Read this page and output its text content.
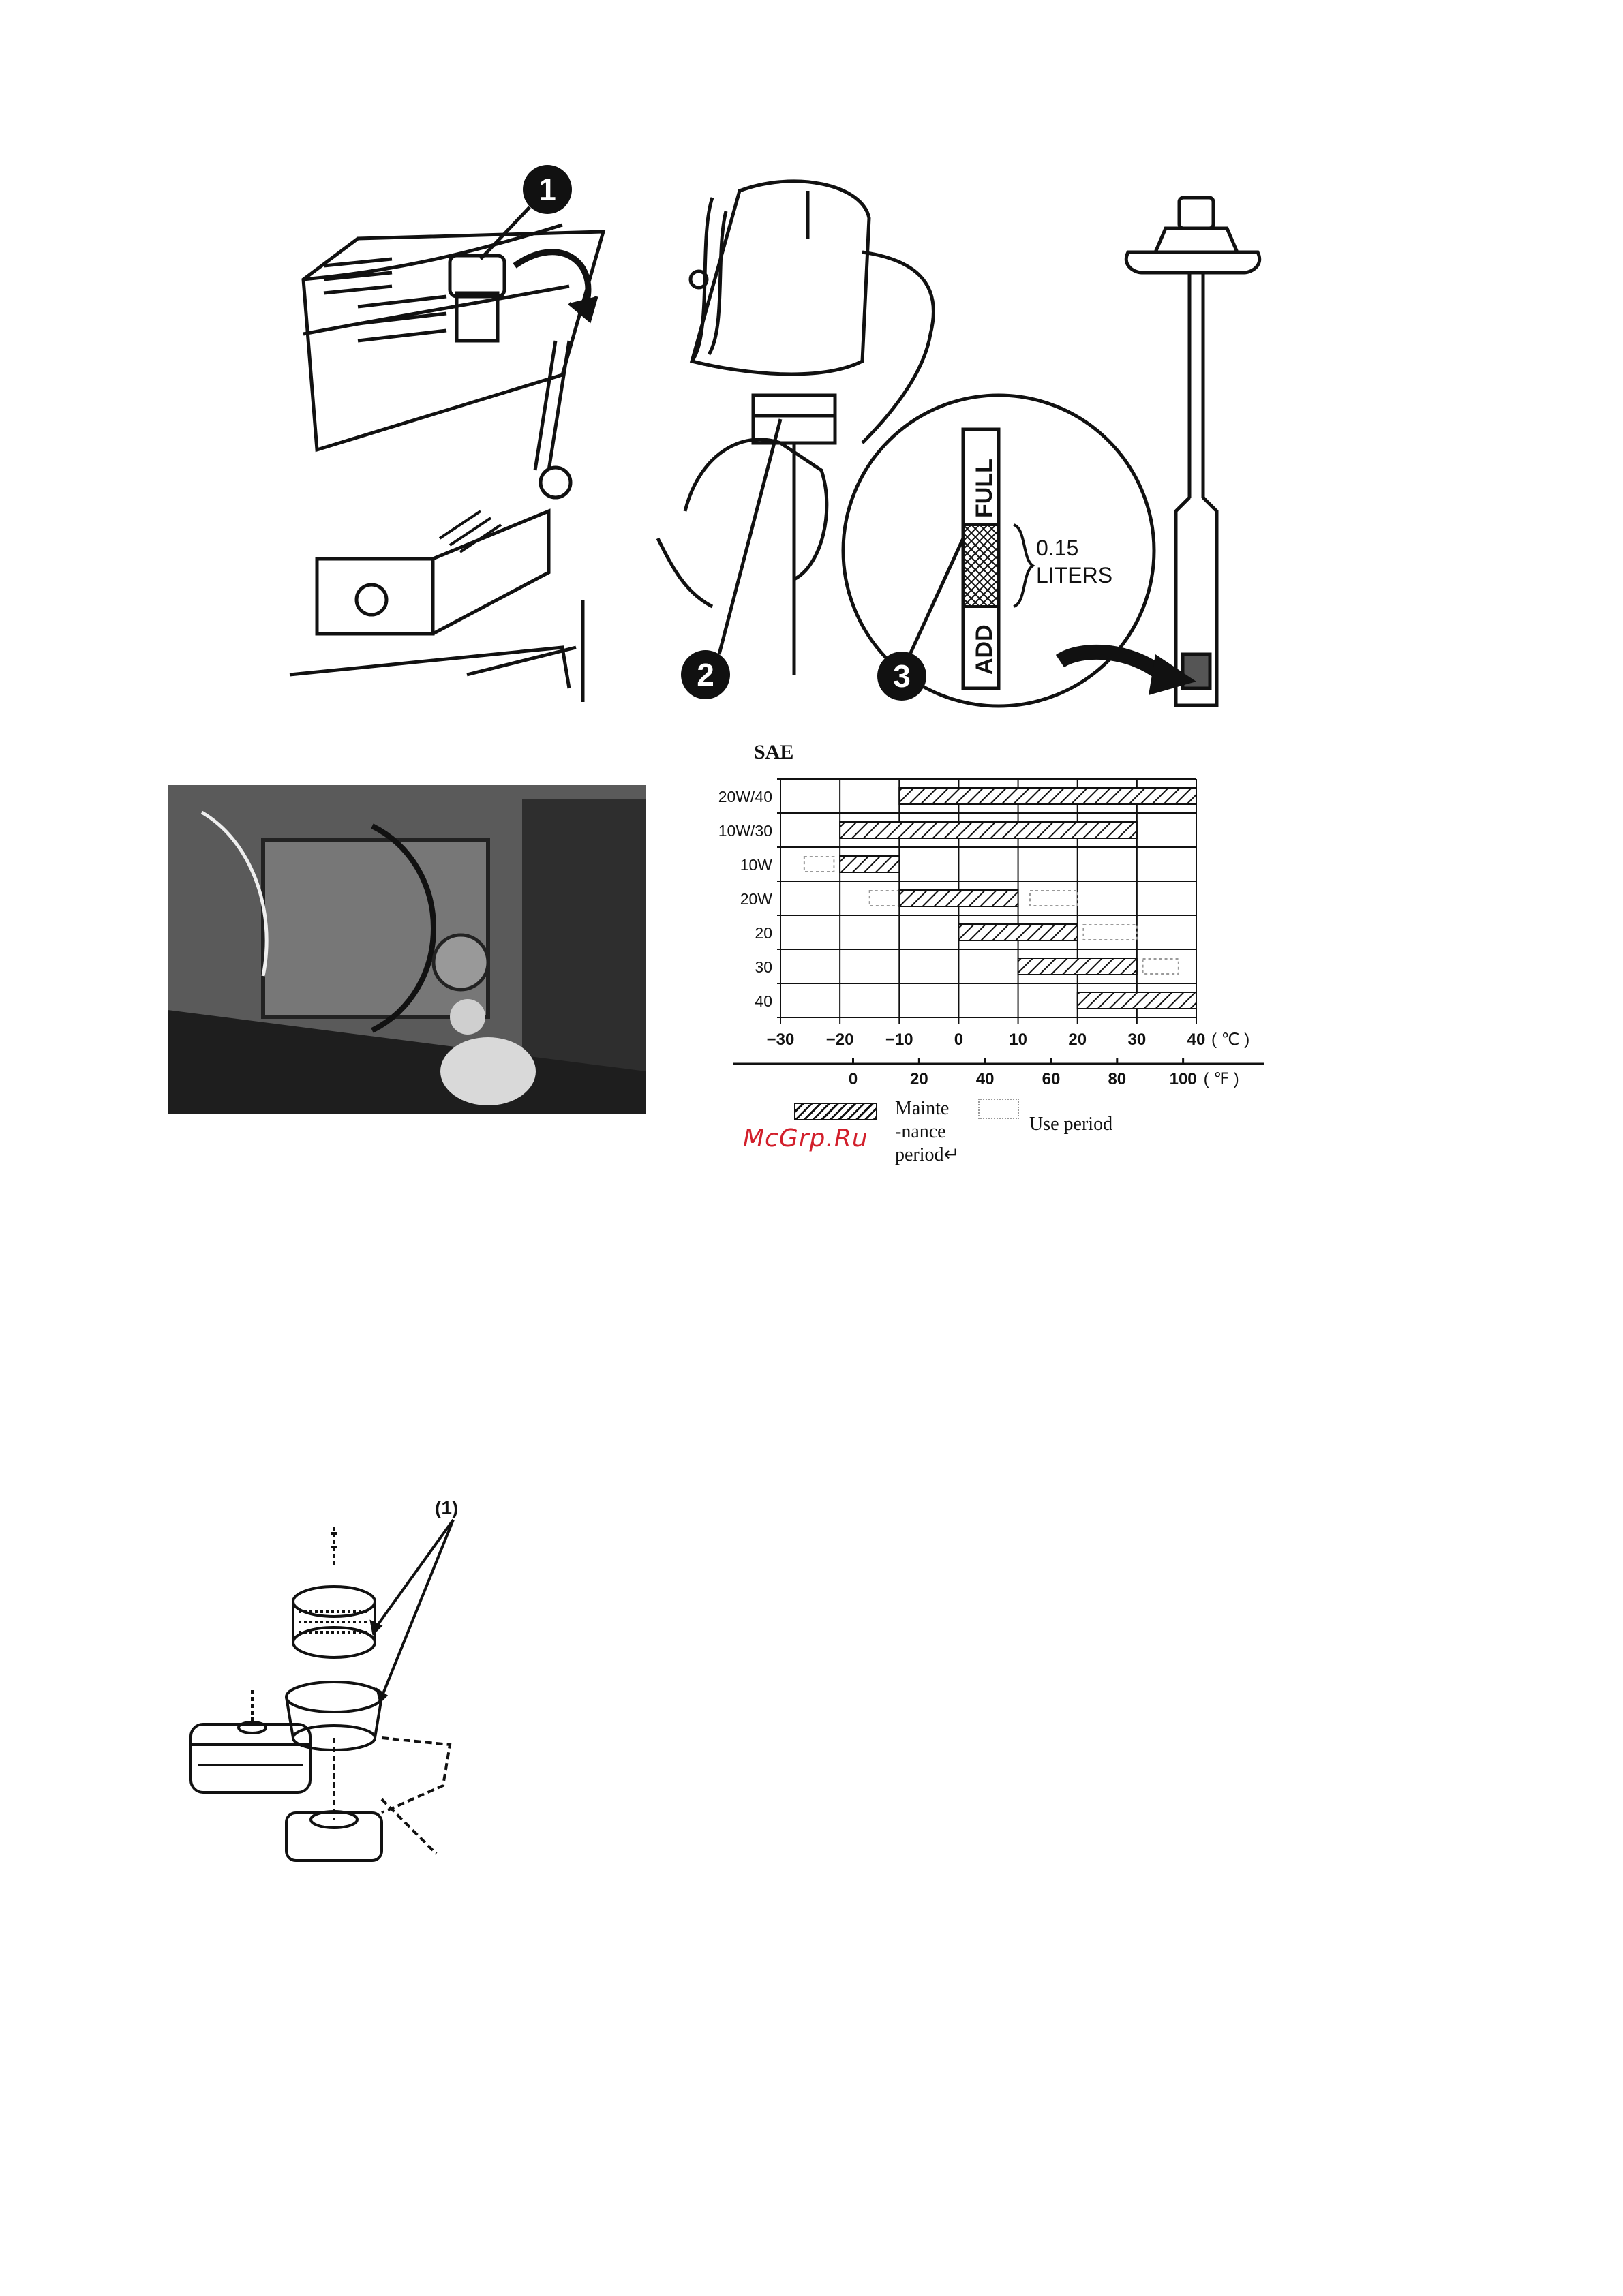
1
2
FULL
ADD
0.15
LITERS
3
SAE
20W/40
10W/30
10W
20W
20
30
40
−30 −20 −10	0	10	20	30	40 ( ℃ )
0	20	40	60	80	100 ( ℉ )
Mainte
-nance
period↵
Use period
McGrp.Ru
(1)
